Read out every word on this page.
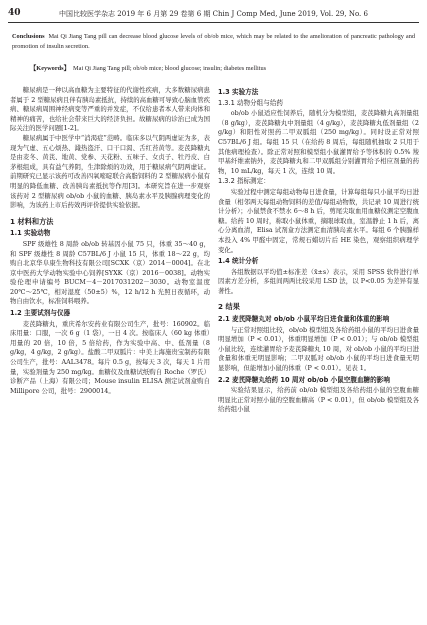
40	中国比较医学杂志 2019 年 6 月第 29 卷第 6 期 Chin J Comp Med, June 2019, Vol. 29, No. 6
Conclusions Mai Qi Jiang Tang pill can decrease blood glucose levels of ob/ob mice, which may be related to the amelioration of pancreatic pathology and promotion of insulin secretion.
【Keywords】 Mai Qi Jiang Tang pill; ob/ob mice; blood glucose; insulin; diabetes mellitus

糖尿病是一种以高血糖为主要特征的代谢性疾病，大多数糖尿病患者属于 2 型糖尿病且伴有胰岛素抵抗，持续的高血糖可导致心脑血管疾病、糖尿病周围神经病变等严重的并发症，不仅给患者本人带来肉体和精神的痛苦，也给社会带来巨大的经济负担。故糖尿病的诊治已成为国际关注的医学问题[1-2]。

糖尿病属于中医学中“消渴症”范畴。临床多以气阴两虚证为多，表现为气虚、五心烦热、濈热盗汗、口干口渴、舌红苔黄等。麦芪降糖丸是由麦冬、黄芪、地黄、党参、天花粉、五味子、女贞子、牡丹皮、白茅根组成，具有益气养阴，生津除烦的功效，用于糖尿病气阴两虚证。前期研究已显示该药可改善四氧嘧啶联合高脂饲料的 2 型糖尿病小鼠有明显的降低血糖、改善胰岛素抵抗等作用[3]。本研究旨在进一步观察该药对 2 型糖尿病 ob/ob 小鼠的血糖、胰岛素水平及胰腺病理变化的影响，为该药上市后药效再评价提供实验依据。

1 材料和方法
1.1 实验动物

SPF 级雄性 8 周龄 ob/ob 转基因小鼠 75 只，体重 35～40 g，和 SPF 级雄性 8 周龄 C57BL/6 J 小鼠 15 只，体重 18～22 g，均购自北京华阜康生物科技有限公司[SCXK（京）2014－0004]。在北京中医药大学动物实验中心饲养[SYXK（京）2016－0038]。动物实验伦理申请编号 BUCM－4－2017031202－3030。动物室温度 20℃～25℃，相对湿度（50±5）%，12 h/12 h 光照日夜循环，动物自由饮水，标准饲料喂养。

1.2 主要试剂与仪器

麦芪降糖丸，重庆希尔安药业有限公司生产，批号：160902。临床用量：口服，一次 6 g（1 袋），一日 4 次。按临床人（60 kg 体重）用量的 20 倍，10 倍，5 倍给药，作为实验中高、中、低剂量（8 g/kg，4 g/kg，2 g/kg）。盐酸二甲双胍片：中美上海施贵宝制药有限公司生产，批号：AAL3478。每片 0.5 g，按每天 3 次，每天 1 片用量，实验剂量为 250 mg/kg。血糖仪及血糖试纸购自 Roche（罗氏）诊断产品（上海）有限公司；Mouse insulin ELISA 测定试剂盒购自 Millipore 公司，批号：2900014。

1.3 实验方法
1.3.1 动物分组与给药

ob/ob 小鼠适应性饲养后，随机分为模型组，麦芪降糖丸高剂量组（8 g/kg），麦芪降糖丸中剂量组（4 g/kg），麦芪降糖丸低剂量组（2 g/kg）和阳性对照药二甲双胍组（250 mg/kg）。同时设正常对照 C57BL/6 J 组。每组 15 只（在给药 8 周后，每组随机抽取 2 只用于其他病理检查）。除正常对照和模型组小鼠灌胃给予等体积的 0.5% 羧甲基纤维素钠外，麦芪降糖丸和二甲双胍组分别灌胃给予相应剂量的药物，10 mL/kg，每天 1 次，连续 10 周。

1.3.2 指标测定：

实验过程中测定每组动物每日进食量，计算每组每只小鼠平均日进食量（相邻两天每组动物饲料的差值/每组动物数，共记录 10 周进行统计分析）；小鼠禁食不禁水 6～8 h 后，剪尾尖取血用血糖仪测定空腹血糖。给药 10 周时，称取小鼠体重，摘眼球取血，室温静止 1 h 后，离心分离血清，Elisa 试剂盒方法测定血清胰岛素水平。每组 6 个胰腺样本投入 4% 甲醛中固定，常规石蜡切片后 HE 染色，观察组织病理学变化。

1.4 统计分析

各组数据以平均值±标准差（x̄±s）表示，采用 SPSS 软件进行单因素方差分析，多组间两两比较采用 LSD 法，以 P<0.05 为差异有显著性。

2 结果
2.1 麦芪降糖丸对 ob/ob 小鼠平均日进食量和体重的影响

与正常对照组比较，ob/ob 模型组及各给药组小鼠的平均日进食量明显增加（P < 0.01），体重明显增加（P < 0.01）；与 ob/ob 模型组小鼠比较，连续灌胃给予麦芪降糖丸 10 周，对 ob/ob 小鼠的平均日进食量和体重无明显影响；二甲双胍对 ob/ob 小鼠的平均日进食量无明显影响，但能增加小鼠的体重（P < 0.01）。见表 1。

2.2 麦芪降糖丸给药 10 周对 ob/ob 小鼠空腹血糖的影响

实验结果显示，给药前 ob/ob 模型组及各给药组小鼠的空腹血糖明显比正常对照小鼠的空腹血糖高（P < 0.01），但 ob/ob 模型组及各给药组小鼠
